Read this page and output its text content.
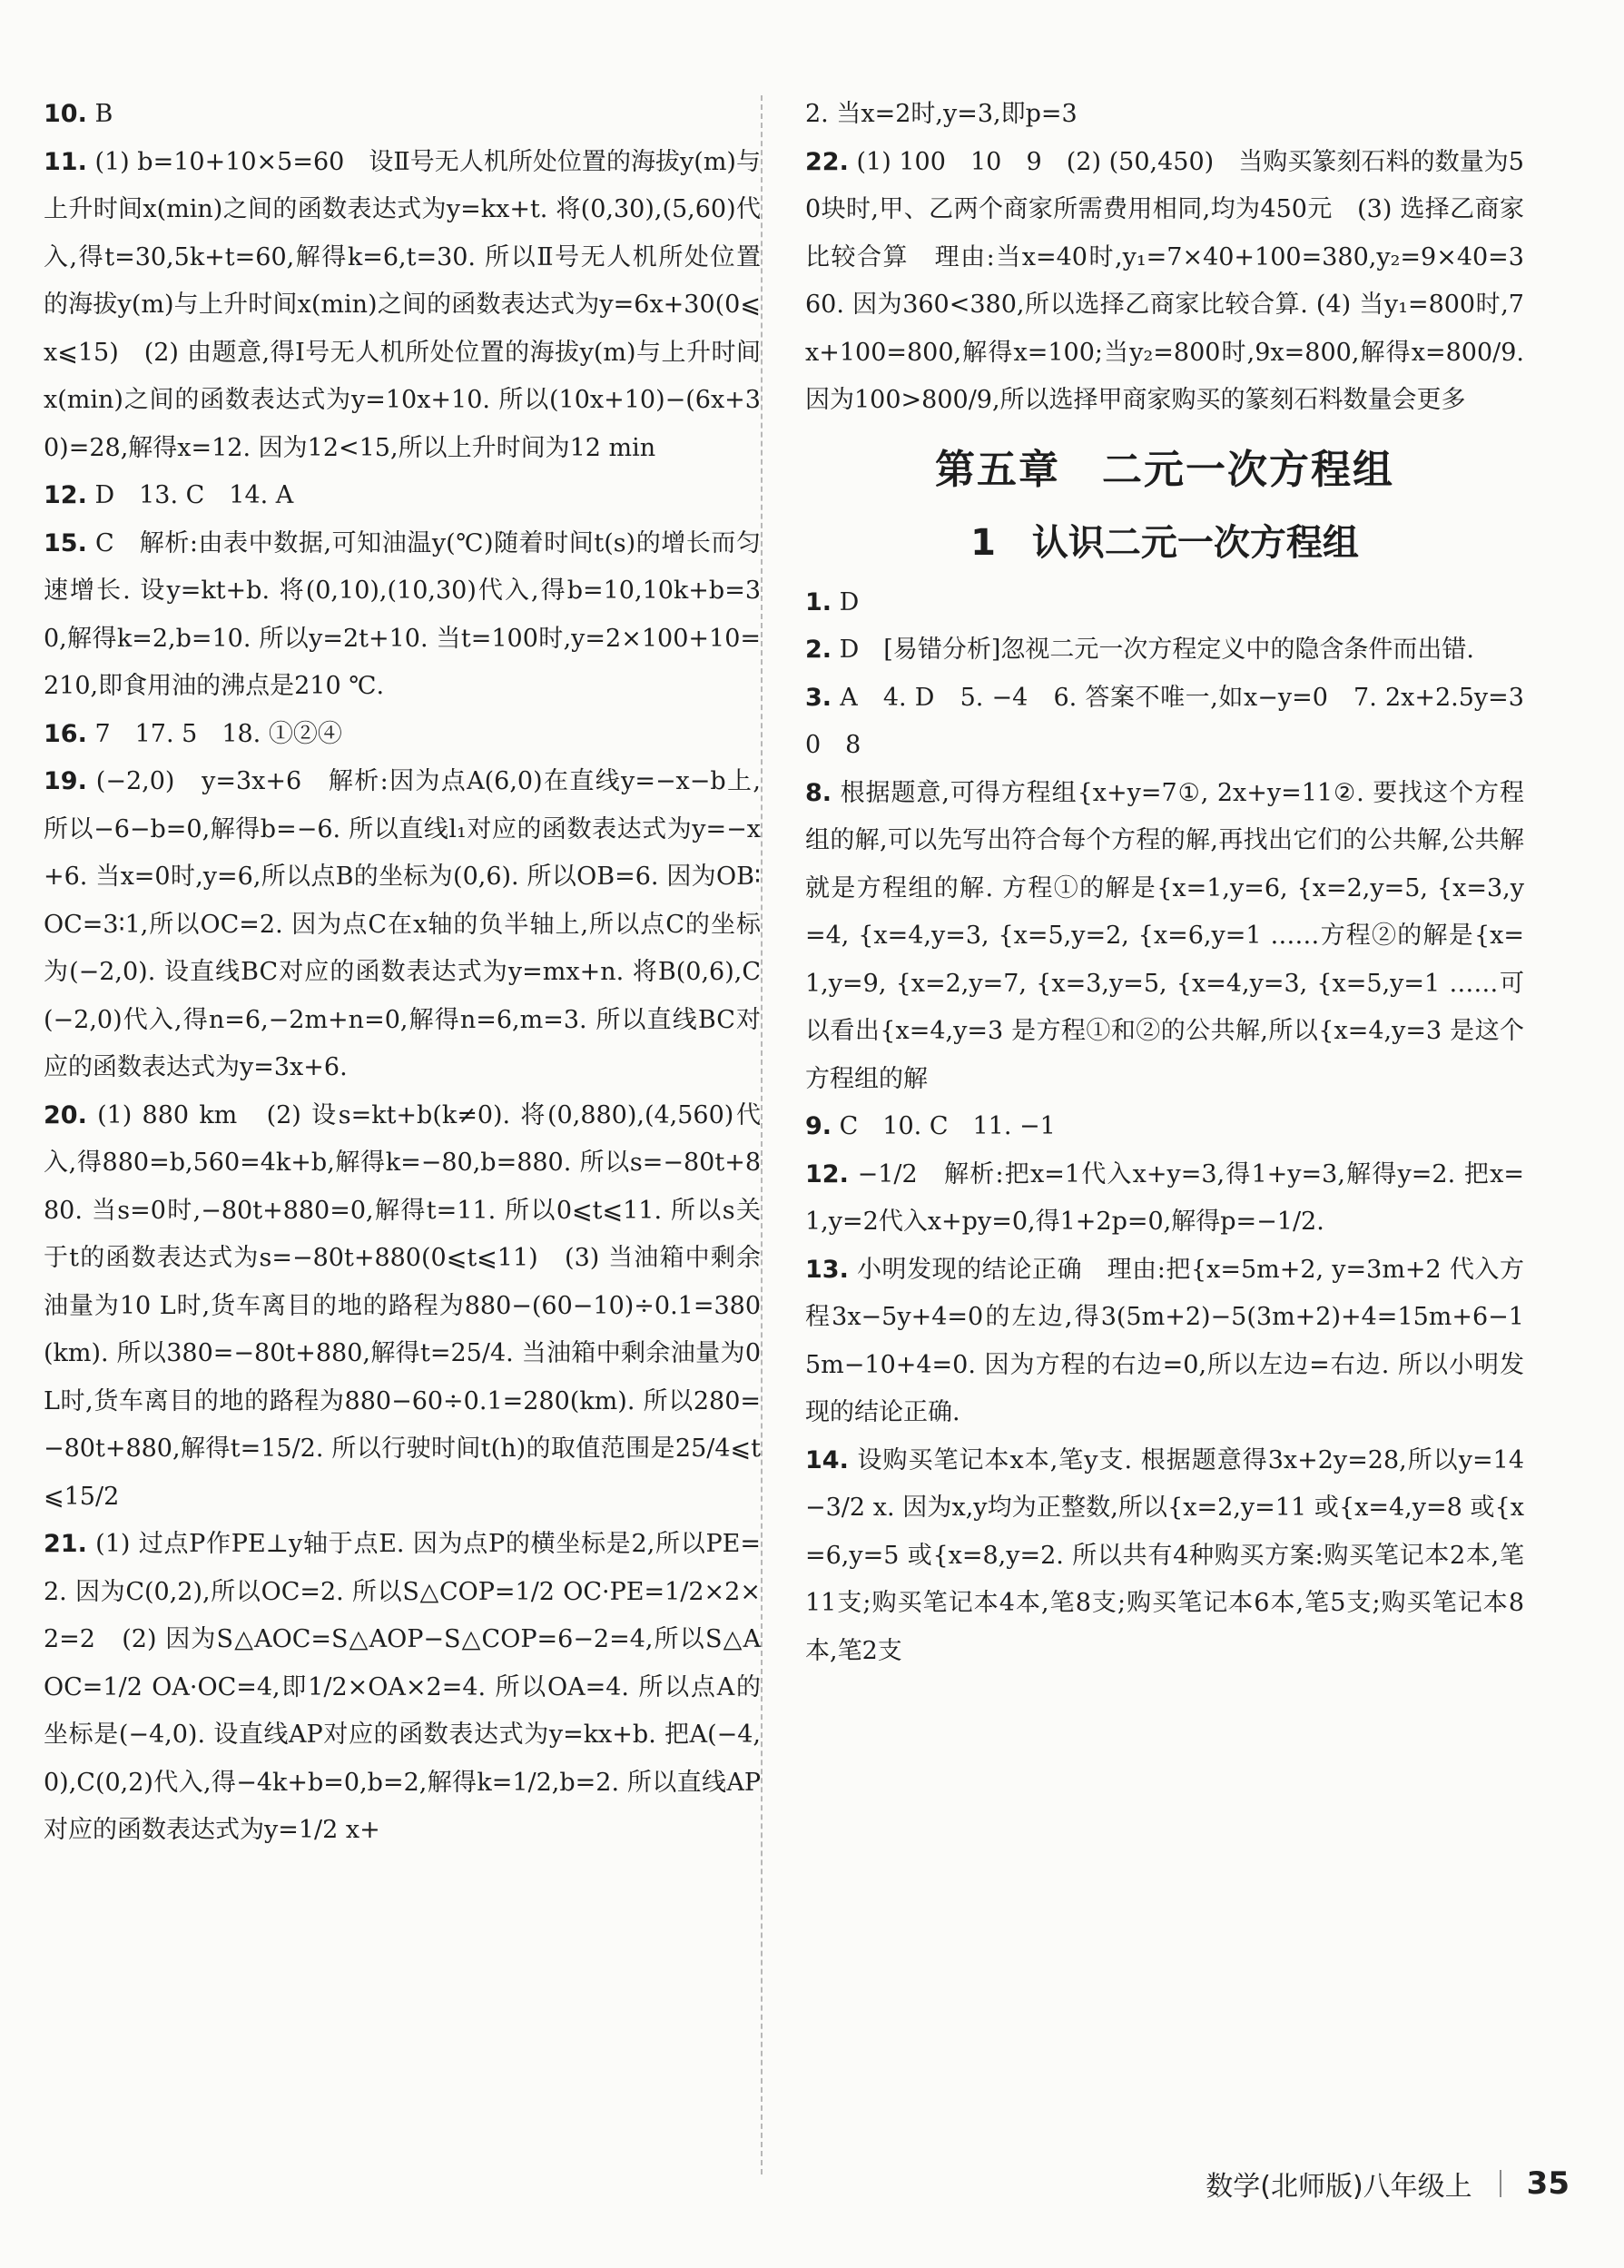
10. B

11. (1) b=10+10×5=60　设Ⅱ号无人机所处位置的海拔y(m)与上升时间x(min)之间的函数表达式为y=kx+t. 将(0,30),(5,60)代入,得t=30,5k+t=60,解得k=6,t=30. 所以Ⅱ号无人机所处位置的海拔y(m)与上升时间x(min)之间的函数表达式为y=6x+30(0⩽x⩽15)　(2) 由题意,得Ⅰ号无人机所处位置的海拔y(m)与上升时间x(min)之间的函数表达式为y=10x+10. 所以(10x+10)−(6x+30)=28,解得x=12. 因为12<15,所以上升时间为12 min

12. D　13. C　14. A

15. C　解析:由表中数据,可知油温y(℃)随着时间t(s)的增长而匀速增长. 设y=kt+b. 将(0,10),(10,30)代入,得b=10,10k+b=30,解得k=2,b=10. 所以y=2t+10. 当t=100时,y=2×100+10=210,即食用油的沸点是210 ℃.

16. 7　17. 5　18. ①②④

19. (−2,0)　y=3x+6　解析:因为点A(6,0)在直线y=−x−b上,所以−6−b=0,解得b=−6. 所以直线l₁对应的函数表达式为y=−x+6. 当x=0时,y=6,所以点B的坐标为(0,6). 所以OB=6. 因为OB∶OC=3∶1,所以OC=2. 因为点C在x轴的负半轴上,所以点C的坐标为(−2,0). 设直线BC对应的函数表达式为y=mx+n. 将B(0,6),C(−2,0)代入,得n=6,−2m+n=0,解得n=6,m=3. 所以直线BC对应的函数表达式为y=3x+6.

20. (1) 880 km　(2) 设s=kt+b(k≠0). 将(0,880),(4,560)代入,得880=b,560=4k+b,解得k=−80,b=880. 所以s=−80t+880. 当s=0时,−80t+880=0,解得t=11. 所以0⩽t⩽11. 所以s关于t的函数表达式为s=−80t+880(0⩽t⩽11)　(3) 当油箱中剩余油量为10 L时,货车离目的地的路程为880−(60−10)÷0.1=380(km). 所以380=−80t+880,解得t=25/4. 当油箱中剩余油量为0 L时,货车离目的地的路程为880−60÷0.1=280(km). 所以280=−80t+880,解得t=15/2. 所以行驶时间t(h)的取值范围是25/4⩽t⩽15/2

21. (1) 过点P作PE⊥y轴于点E. 因为点P的横坐标是2,所以PE=2. 因为C(0,2),所以OC=2. 所以S△COP=1/2 OC·PE=1/2×2×2=2　(2) 因为S△AOC=S△AOP−S△COP=6−2=4,所以S△AOC=1/2 OA·OC=4,即1/2×OA×2=4. 所以OA=4. 所以点A的坐标是(−4,0). 设直线AP对应的函数表达式为y=kx+b. 把A(−4,0),C(0,2)代入,得−4k+b=0,b=2,解得k=1/2,b=2. 所以直线AP对应的函数表达式为y=1/2 x+

2. 当x=2时,y=3,即p=3

22. (1) 100　10　9　(2) (50,450)　当购买篆刻石料的数量为50块时,甲、乙两个商家所需费用相同,均为450元　(3) 选择乙商家比较合算　理由:当x=40时,y₁=7×40+100=380,y₂=9×40=360. 因为360<380,所以选择乙商家比较合算. (4) 当y₁=800时,7x+100=800,解得x=100;当y₂=800时,9x=800,解得x=800/9. 因为100>800/9,所以选择甲商家购买的篆刻石料数量会更多

第五章　二元一次方程组
1　认识二元一次方程组

1. D

2. D　[易错分析]忽视二元一次方程定义中的隐含条件而出错.

3. A　4. D　5. −4　6. 答案不唯一,如x−y=0　7. 2x+2.5y=30　8

8. 根据题意,可得方程组{x+y=7①, 2x+y=11②. 要找这个方程组的解,可以先写出符合每个方程的解,再找出它们的公共解,公共解就是方程组的解. 方程①的解是{x=1,y=6, {x=2,y=5, {x=3,y=4, {x=4,y=3, {x=5,y=2, {x=6,y=1 ……方程②的解是{x=1,y=9, {x=2,y=7, {x=3,y=5, {x=4,y=3, {x=5,y=1 ……可以看出{x=4,y=3 是方程①和②的公共解,所以{x=4,y=3 是这个方程组的解

9. C　10. C　11. −1

12. −1/2　解析:把x=1代入x+y=3,得1+y=3,解得y=2. 把x=1,y=2代入x+py=0,得1+2p=0,解得p=−1/2.

13. 小明发现的结论正确　理由:把{x=5m+2, y=3m+2 代入方程3x−5y+4=0的左边,得3(5m+2)−5(3m+2)+4=15m+6−15m−10+4=0. 因为方程的右边=0,所以左边=右边. 所以小明发现的结论正确.

14. 设购买笔记本x本,笔y支. 根据题意得3x+2y=28,所以y=14−3/2 x. 因为x,y均为正整数,所以{x=2,y=11 或{x=4,y=8 或{x=6,y=5 或{x=8,y=2. 所以共有4种购买方案:购买笔记本2本,笔11支;购买笔记本4本,笔8支;购买笔记本6本,笔5支;购买笔记本8本,笔2支

数学(北师版)八年级上 35
